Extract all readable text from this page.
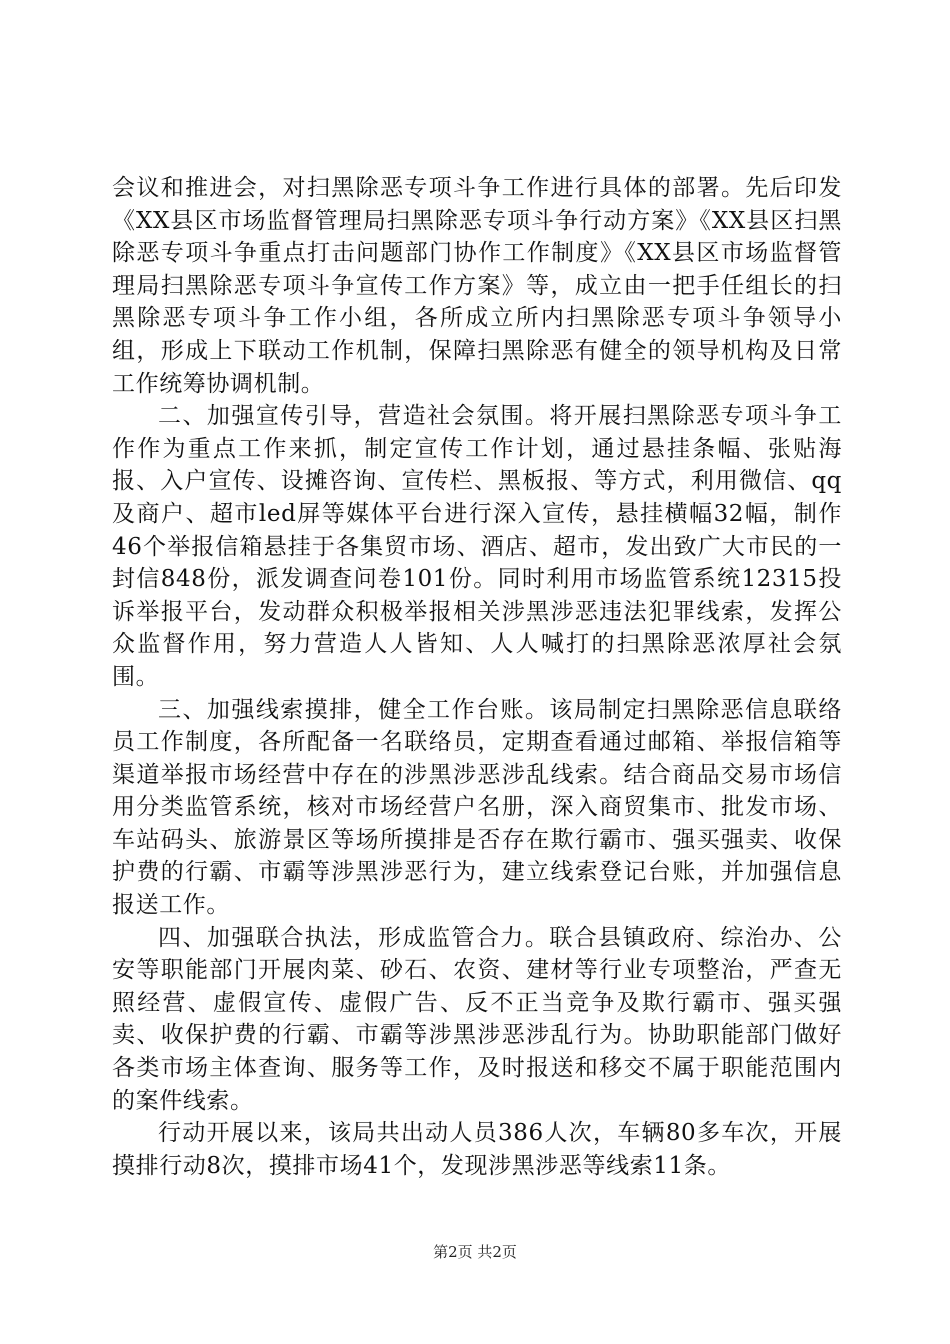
会议和推进会，对扫黑除恶专项斗争工作进行具体的部署。先后印发《XX县区市场监督管理局扫黑除恶专项斗争行动方案》《XX县区扫黑除恶专项斗争重点打击问题部门协作工作制度》《XX县区市场监督管理局扫黑除恶专项斗争宣传工作方案》等，成立由一把手任组长的扫黑除恶专项斗争工作小组，各所成立所内扫黑除恶专项斗争领导小组，形成上下联动工作机制，保障扫黑除恶有健全的领导机构及日常工作统筹协调机制。

二、加强宣传引导，营造社会氛围。将开展扫黑除恶专项斗争工作作为重点工作来抓，制定宣传工作计划，通过悬挂条幅、张贴海报、入户宣传、设摊咨询、宣传栏、黑板报、等方式，利用微信、qq及商户、超市led屏等媒体平台进行深入宣传，悬挂横幅32幅，制作46个举报信箱悬挂于各集贸市场、酒店、超市，发出致广大市民的一封信848份，派发调查问卷101份。同时利用市场监管系统12315投诉举报平台，发动群众积极举报相关涉黑涉恶违法犯罪线索，发挥公众监督作用，努力营造人人皆知、人人喊打的扫黑除恶浓厚社会氛围。

三、加强线索摸排，健全工作台账。该局制定扫黑除恶信息联络员工作制度，各所配备一名联络员，定期查看通过邮箱、举报信箱等渠道举报市场经营中存在的涉黑涉恶涉乱线索。结合商品交易市场信用分类监管系统，核对市场经营户名册，深入商贸集市、批发市场、车站码头、旅游景区等场所摸排是否存在欺行霸市、强买强卖、收保护费的行霸、市霸等涉黑涉恶行为，建立线索登记台账，并加强信息报送工作。

四、加强联合执法，形成监管合力。联合县镇政府、综治办、公安等职能部门开展肉菜、砂石、农资、建材等行业专项整治，严查无照经营、虚假宣传、虚假广告、反不正当竞争及欺行霸市、强买强卖、收保护费的行霸、市霸等涉黑涉恶涉乱行为。协助职能部门做好各类市场主体查询、服务等工作，及时报送和移交不属于职能范围内的案件线索。

行动开展以来，该局共出动人员386人次，车辆80多车次，开展摸排行动8次，摸排市场41个，发现涉黑涉恶等线索11条。

第2页 共2页
